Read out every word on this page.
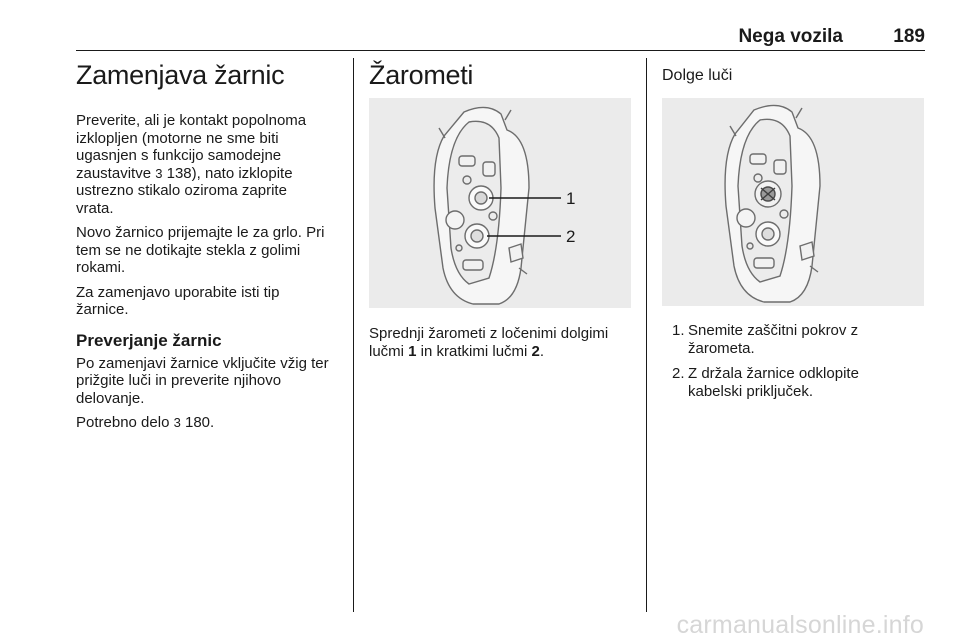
Nega vozila	189
Zamenjava žarnic

Preverite, ali je kontakt popolnoma
izklopljen (motorne ne sme biti
ugasnjen s funkcijo samodejne
zaustavitve 3 138), nato izklopite
ustrezno stikalo oziroma zaprite
vrata.

Novo žarnico prijemajte le za grlo. Pri
tem se ne dotikajte stekla z golimi
rokami.

Za zamenjavo uporabite isti tip
žarnice.

Preverjanje žarnic

Po zamenjavi žarnice vključite vžig ter
prižgite luči in preverite njihovo
delovanje.

Potrebno delo 3 180.

Žarometi
1
2

Sprednji žarometi z ločenimi dolgimi
lučmi 1 in kratkimi lučmi 2.

Dolge luči
1. Snemite zaščitni pokrov z
žarometa.
2. Z držala žarnice odklopite
kabelski priključek.
carmanualsonline.info
